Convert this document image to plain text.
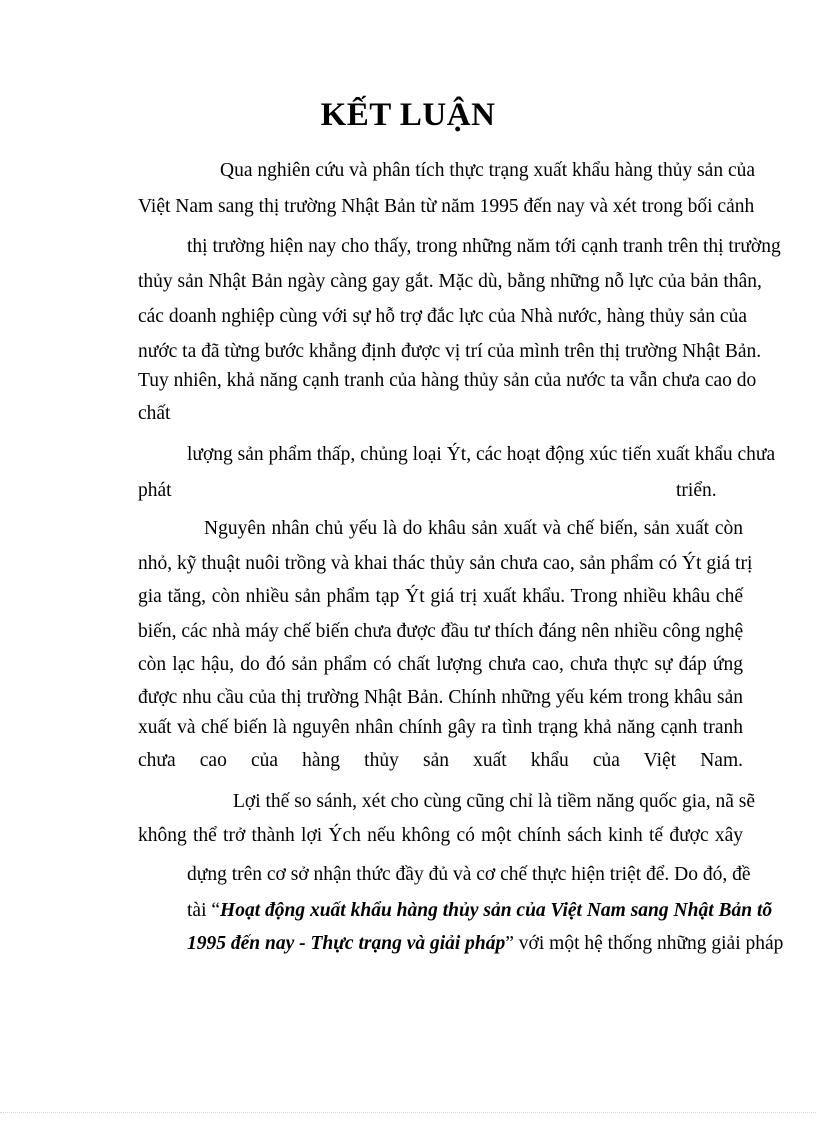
KẾT LUẬN
Qua nghiên cứu và phân tích thực trạng xuất khẩu hàng thủy sản của
Việt Nam sang thị trường Nhật Bản từ năm 1995 đến nay và xét trong bối cảnh
thị trường hiện nay cho thấy, trong những năm tới cạnh tranh trên thị trường
thủy sản Nhật Bản ngày càng gay gắt. Mặc dù, bằng những nỗ lực của bản thân,
các doanh nghiệp cùng với sự hỗ trợ đắc lực của Nhà nước, hàng thủy sản của
nước ta đã từng bước khẳng định được vị trí của mình trên thị trường Nhật Bản.
Tuy nhiên, khả năng cạnh tranh của hàng thủy sản của nước ta vẫn chưa cao do
chất
lượng sản phẩm thấp, chủng loại Ýt, các hoạt động xúc tiến xuất khẩu chưa
phát	triển.
Nguyên nhân chủ yếu là do khâu sản xuất và chế biến, sản xuất còn
nhỏ, kỹ thuật nuôi trồng và khai thác thủy sản chưa cao, sản phẩm có Ýt giá trị
gia tăng, còn nhiều sản phẩm tạp Ýt giá trị xuất khẩu. Trong nhiều khâu chế
biến, các nhà máy chế biến chưa được đầu tư thích đáng nên nhiều công nghệ
còn lạc hậu, do đó sản phẩm có chất lượng chưa cao, chưa thực sự đáp ứng
được nhu cầu của thị trường Nhật Bản. Chính những yếu kém trong khâu sản
xuất và chế biến là nguyên nhân chính gây ra tình trạng khả năng cạnh tranh
chưa cao của hàng thủy sản xuất khẩu của Việt Nam.
Lợi thế so sánh, xét cho cùng cũng chỉ là tiềm năng quốc gia, nã sẽ
không thể trở thành lợi Ých nếu không có một chính sách kinh tế được xây
dựng trên cơ sở nhận thức đầy đủ và cơ chế thực hiện triệt để. Do đó, đề
tài “Hoạt động xuất khẩu hàng thủy sản của Việt Nam sang Nhật Bản tõ
1995 đến nay - Thực trạng và giải pháp” với một hệ thống những giải pháp
